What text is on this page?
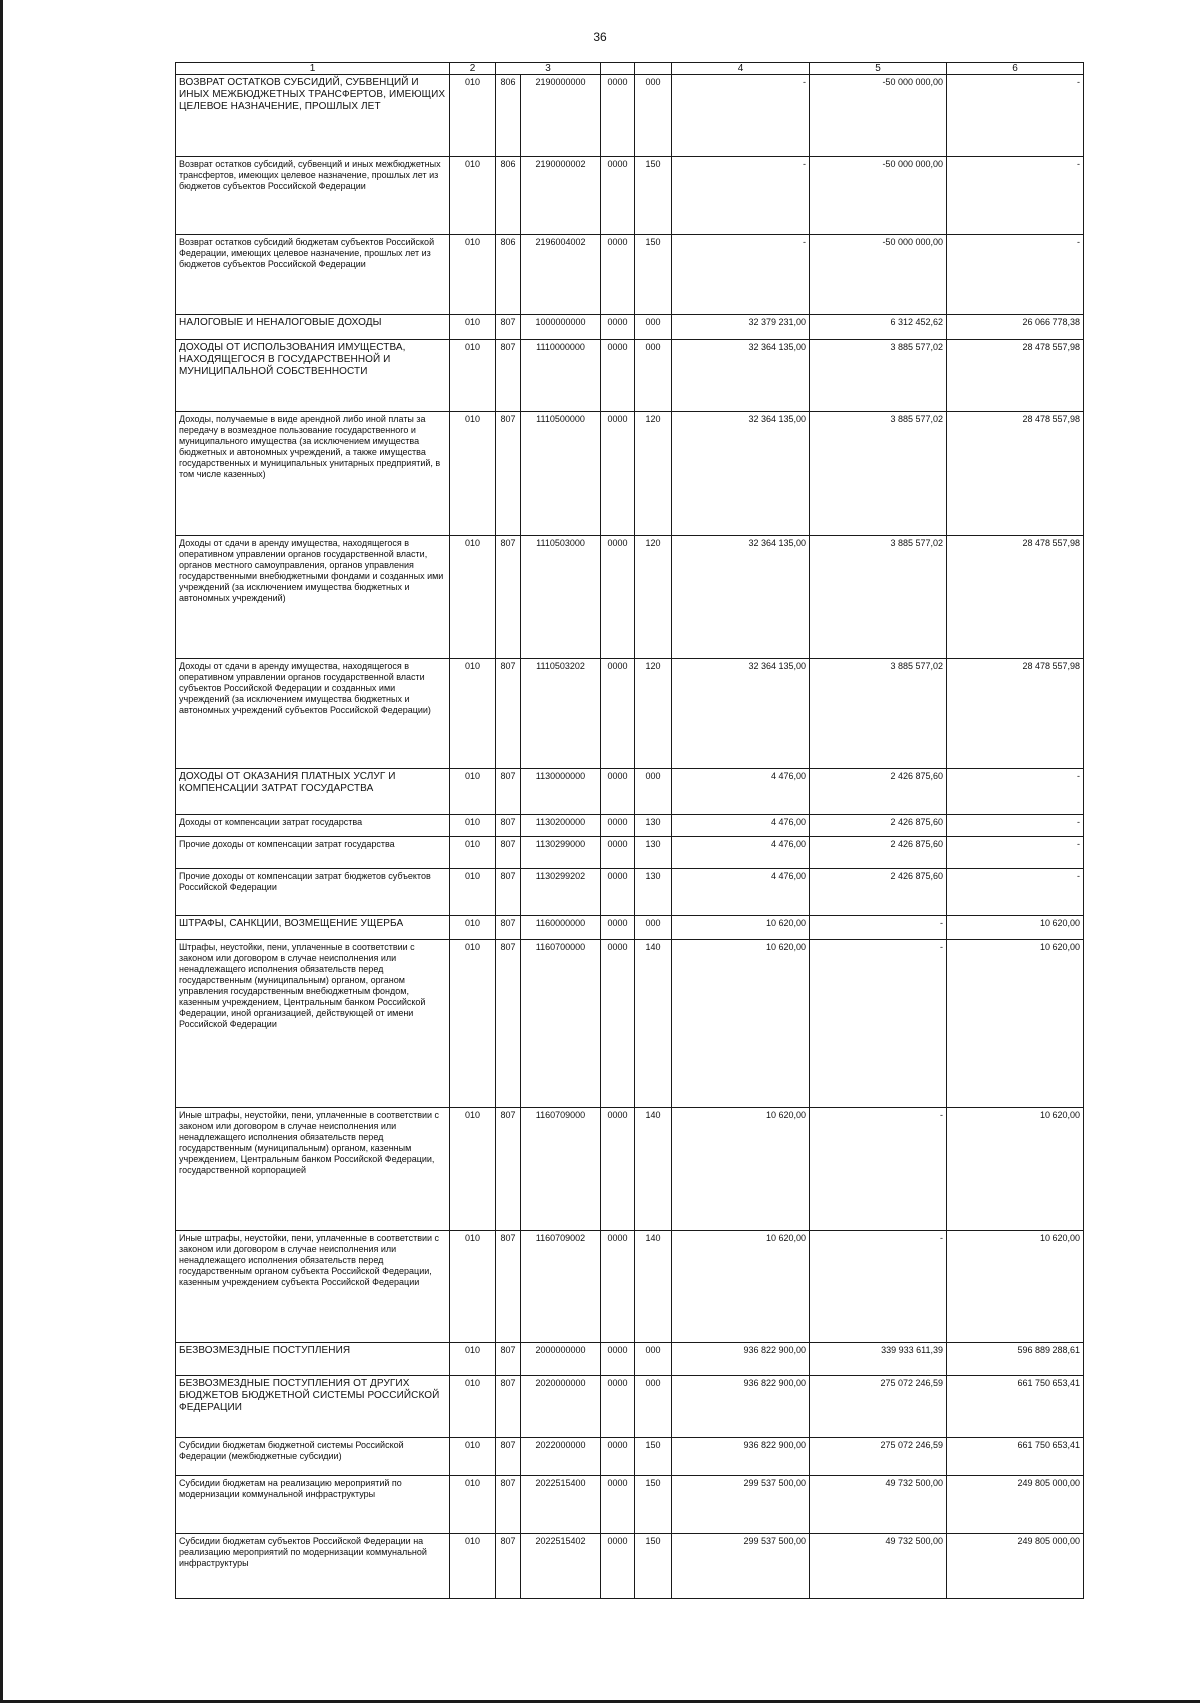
36
1	2	3				4	5	6
ВОЗВРАТ ОСТАТКОВ СУБСИДИЙ, СУБВЕНЦИЙ И ИНЫХ МЕЖБЮДЖЕТНЫХ ТРАНСФЕРТОВ, ИМЕЮЩИХ ЦЕЛЕВОЕ НАЗНАЧЕНИЕ, ПРОШЛЫХ ЛЕТ	010	806	2190000000	0000	000	-	-50 000 000,00	-
Возврат остатков субсидий, субвенций и иных межбюджетных трансфертов, имеющих целевое назначение, прошлых лет из бюджетов субъектов Российской Федерации	010	806	2190000002	0000	150	-	-50 000 000,00	-
Возврат остатков субсидий бюджетам субъектов Российской Федерации, имеющих целевое назначение, прошлых лет из бюджетов субъектов Российской Федерации	010	806	2196004002	0000	150	-	-50 000 000,00	-
НАЛОГОВЫЕ И НЕНАЛОГОВЫЕ ДОХОДЫ	010	807	1000000000	0000	000	32 379 231,00	6 312 452,62	26 066 778,38
ДОХОДЫ ОТ ИСПОЛЬЗОВАНИЯ ИМУЩЕСТВА, НАХОДЯЩЕГОСЯ В ГОСУДАРСТВЕННОЙ И МУНИЦИПАЛЬНОЙ СОБСТВЕННОСТИ	010	807	1110000000	0000	000	32 364 135,00	3 885 577,02	28 478 557,98
Доходы, получаемые в виде арендной либо иной платы за передачу в возмездное пользование государственного и муниципального имущества (за исключением имущества бюджетных и автономных учреждений, а также имущества государственных и муниципальных унитарных предприятий, в том числе казенных)	010	807	1110500000	0000	120	32 364 135,00	3 885 577,02	28 478 557,98
Доходы от сдачи в аренду имущества, находящегося в оперативном управлении органов государственной власти, органов местного самоуправления, органов управления государственными внебюджетными фондами и созданных ими учреждений (за исключением имущества бюджетных и автономных учреждений)	010	807	1110503000	0000	120	32 364 135,00	3 885 577,02	28 478 557,98
Доходы от сдачи в аренду имущества, находящегося в оперативном управлении органов государственной власти субъектов Российской Федерации и созданных ими учреждений (за исключением имущества бюджетных и автономных учреждений субъектов Российской Федерации)	010	807	1110503202	0000	120	32 364 135,00	3 885 577,02	28 478 557,98
ДОХОДЫ ОТ ОКАЗАНИЯ ПЛАТНЫХ УСЛУГ И КОМПЕНСАЦИИ ЗАТРАТ ГОСУДАРСТВА	010	807	1130000000	0000	000	4 476,00	2 426 875,60	-
Доходы от компенсации затрат государства	010	807	1130200000	0000	130	4 476,00	2 426 875,60	-
Прочие доходы от компенсации затрат государства	010	807	1130299000	0000	130	4 476,00	2 426 875,60	-
Прочие доходы от компенсации затрат бюджетов субъектов Российской Федерации	010	807	1130299202	0000	130	4 476,00	2 426 875,60	-
ШТРАФЫ, САНКЦИИ, ВОЗМЕЩЕНИЕ УЩЕРБА	010	807	1160000000	0000	000	10 620,00	-	10 620,00
Штрафы, неустойки, пени, уплаченные в соответствии с законом или договором в случае неисполнения или ненадлежащего исполнения обязательств перед государственным (муниципальным) органом, органом управления государственным внебюджетным фондом, казенным учреждением, Центральным банком Российской Федерации, иной организацией, действующей от имени Российской Федерации	010	807	1160700000	0000	140	10 620,00	-	10 620,00
Иные штрафы, неустойки, пени, уплаченные в соответствии с законом или договором в случае неисполнения или ненадлежащего исполнения обязательств перед государственным (муниципальным) органом, казенным учреждением, Центральным банком Российской Федерации, государственной корпорацией	010	807	1160709000	0000	140	10 620,00	-	10 620,00
Иные штрафы, неустойки, пени, уплаченные в соответствии с законом или договором в случае неисполнения или ненадлежащего исполнения обязательств перед государственным органом субъекта Российской Федерации, казенным учреждением субъекта Российской Федерации	010	807	1160709002	0000	140	10 620,00	-	10 620,00
БЕЗВОЗМЕЗДНЫЕ ПОСТУПЛЕНИЯ	010	807	2000000000	0000	000	936 822 900,00	339 933 611,39	596 889 288,61
БЕЗВОЗМЕЗДНЫЕ ПОСТУПЛЕНИЯ ОТ ДРУГИХ БЮДЖЕТОВ БЮДЖЕТНОЙ СИСТЕМЫ РОССИЙСКОЙ ФЕДЕРАЦИИ	010	807	2020000000	0000	000	936 822 900,00	275 072 246,59	661 750 653,41
Субсидии бюджетам бюджетной системы Российской Федерации (межбюджетные субсидии)	010	807	2022000000	0000	150	936 822 900,00	275 072 246,59	661 750 653,41
Субсидии бюджетам на реализацию мероприятий по модернизации коммунальной инфраструктуры	010	807	2022515400	0000	150	299 537 500,00	49 732 500,00	249 805 000,00
Субсидии бюджетам субъектов Российской Федерации на реализацию мероприятий по модернизации коммунальной инфраструктуры	010	807	2022515402	0000	150	299 537 500,00	49 732 500,00	249 805 000,00
